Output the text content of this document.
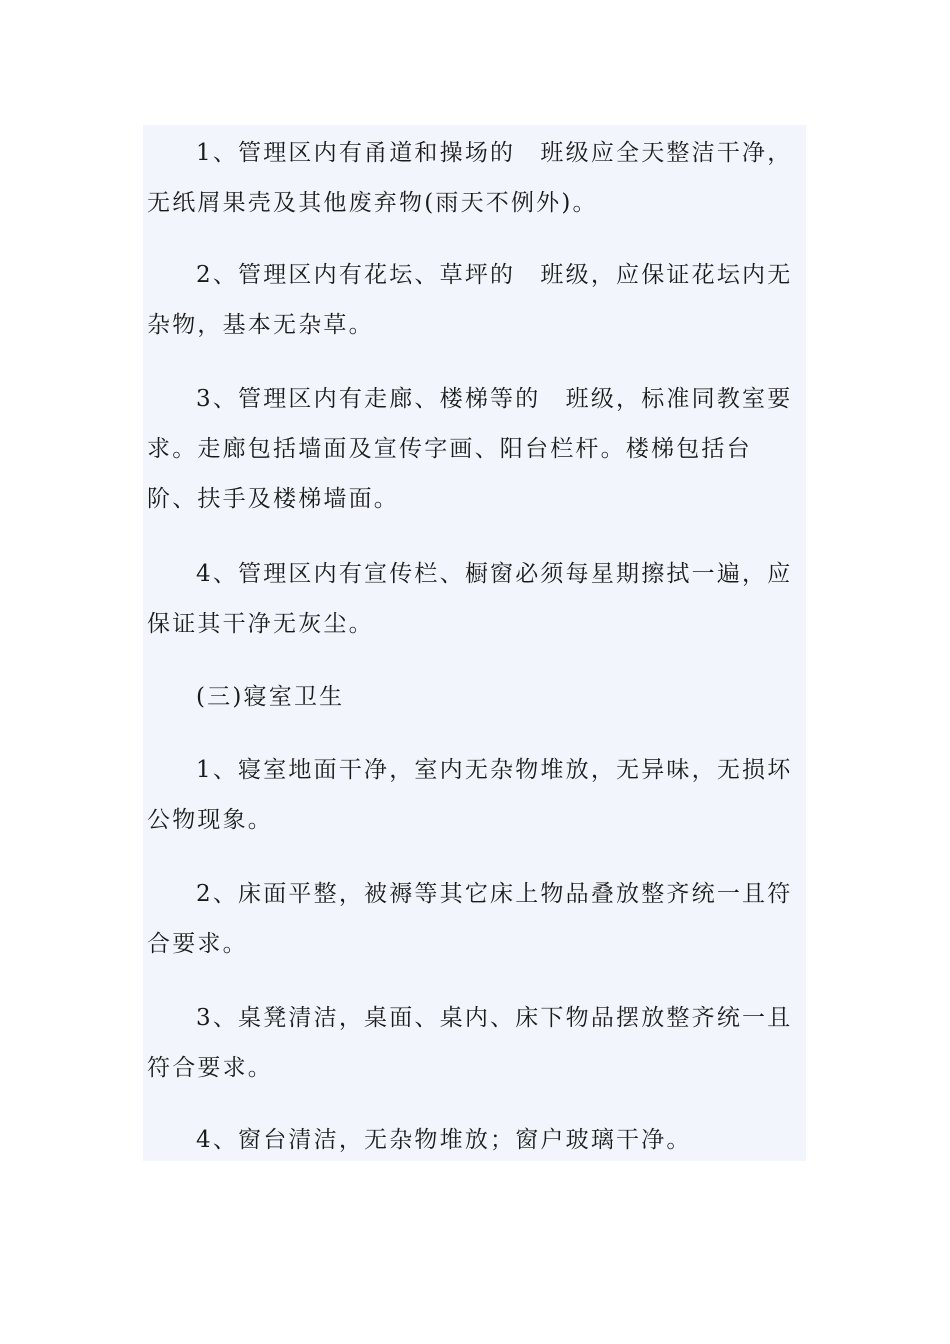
1、管理区内有甬道和操场的　班级应全天整洁干净，无纸屑果壳及其他废弃物(雨天不例外)。

2、管理区内有花坛、草坪的　班级，应保证花坛内无杂物，基本无杂草。

3、管理区内有走廊、楼梯等的　班级，标准同教室要求。走廊包括墙面及宣传字画、阳台栏杆。楼梯包括台阶、扶手及楼梯墙面。

4、管理区内有宣传栏、橱窗必须每星期擦拭一遍，应保证其干净无灰尘。

(三)寝室卫生

1、寝室地面干净，室内无杂物堆放，无异味，无损坏公物现象。

2、床面平整，被褥等其它床上物品叠放整齐统一且符合要求。

3、桌凳清洁，桌面、桌内、床下物品摆放整齐统一且符合要求。

4、窗台清洁，无杂物堆放；窗户玻璃干净。
